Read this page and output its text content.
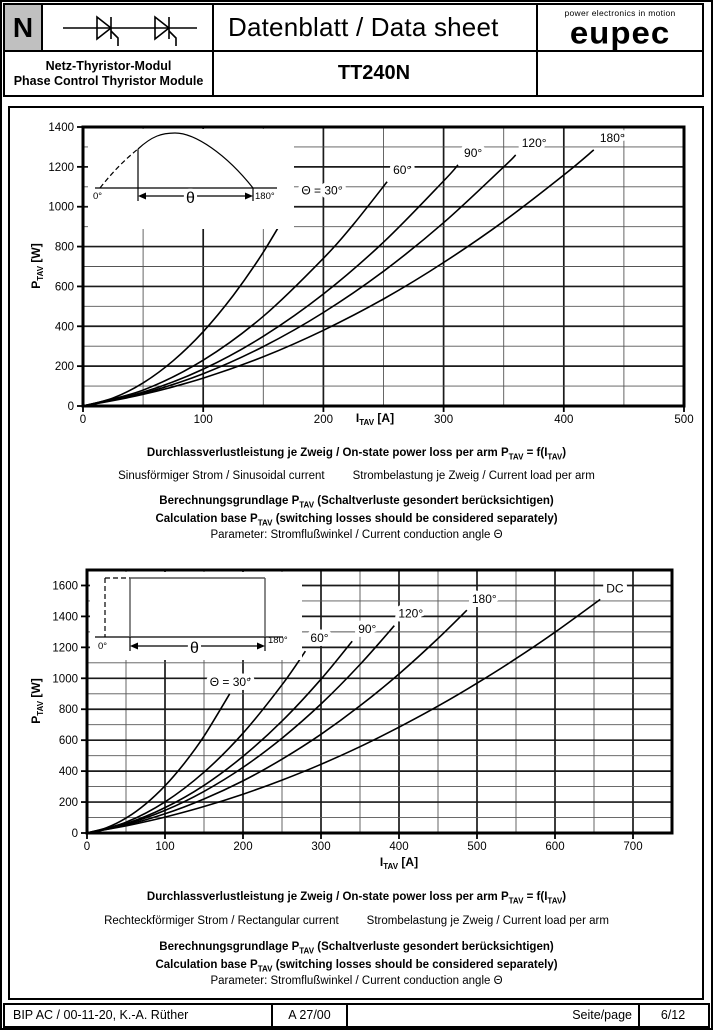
N	Datenblatt / Data sheet	power electronics in motion
eupec
Netz-Thyristor-Modul
Phase Control Thyristor Module	TT240N
0	100	200	300	400	500
0
200
400
600
800
1000
1200
1400
Θ = 30°
60°
90°
120°	180°
$I_{TAV}$ [A]
$P_{TAV}$ [W]
θ
0°	180°
Durchlassverlustleistung je Zweig / On-state power loss per arm $P_{TAV} = f(I_{TAV})$
Sinusförmiger Strom / Sinusoidal current Strombelastung je Zweig / Current load per arm
Berechnungsgrundlage $P_{TAV}$ (Schaltverluste gesondert berücksichtigen)
Calculation base $P_{TAV}$ (switching losses should be considered separately)
Parameter: Stromflußwinkel / Current conduction angle Θ
0	100	200	300	400	500	600	700
0
200
400
600
800
1000
1200
1400
1600
Θ = 30°
60°
90°
120°
180°
DC
$I_{TAV}$ [A]
$P_{TAV}$ [W]
θ
0°
180°
Durchlassverlustleistung je Zweig / On-state power loss per arm $P_{TAV} = f(I_{TAV})$
Rechteckförmiger Strom / Rectangular current Strombelastung je Zweig / Current load per arm
Berechnungsgrundlage $P_{TAV}$ (Schaltverluste gesondert berücksichtigen)
Calculation base $P_{TAV}$ (switching losses should be considered separately)
Parameter: Stromflußwinkel / Current conduction angle Θ
BIP AC / 00-11-20, K.-A. Rüther	A 27/00	Seite/page	6/12
